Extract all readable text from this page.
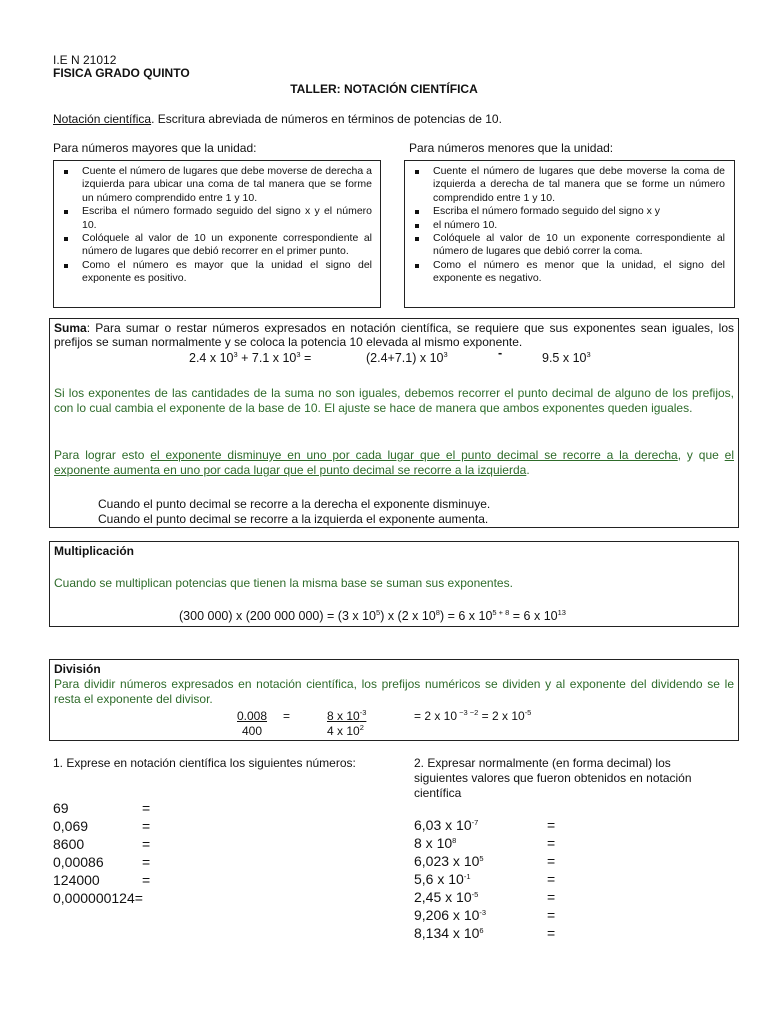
I.E N 21012
FISICA GRADO QUINTO
TALLER: NOTACIÓN CIENTÍFICA
Notación científica. Escritura abreviada de números en términos de potencias de 10.
Para números mayores que la unidad:	Para números menores que la unidad:
Cuente el número de lugares que debe moverse de derecha a izquierda para ubicar una coma de tal manera que se forme un número comprendido entre 1 y 10.
Escriba el número formado seguido del signo x y el número 10.
Colóquele al valor de 10 un exponente correspondiente al número de lugares que debió recorrer en el primer punto.
Como el número es mayor que la unidad el signo del exponente es positivo.
Cuente el número de lugares que debe moverse la coma de izquierda a derecha de tal manera que se forme un número comprendido entre 1 y 10.
Escriba el número formado seguido del signo x y
el número 10.
Colóquele al valor de 10 un exponente correspondiente al número de lugares que debió correr la coma.
Como el número es menor que la unidad, el signo del exponente es negativo.
Suma: Para sumar o restar números expresados en notación científica, se requiere que sus exponentes sean iguales, los prefijos se suman normalmente y se coloca la potencia 10 elevada al mismo exponente.
2.4 x $10^3 + 7.1$ x $10^3$ =	(2.4+7.1) x $10^3$	-	9.5 x $10^3$
Si los exponentes de las cantidades de la suma no son iguales, debemos recorrer el punto decimal de alguno de los prefijos, con lo cual cambia el exponente de la base de 10. El ajuste se hace de manera que ambos exponentes queden iguales.
Para lograr esto el exponente disminuye en uno por cada lugar que el punto decimal se recorre a la derecha, y que el exponente aumenta en uno por cada lugar que el punto decimal se recorre a la izquierda.
Cuando el punto decimal se recorre a la derecha el exponente disminuye.
Cuando el punto decimal se recorre a la izquierda el exponente aumenta.
Multiplicación
Cuando se multiplican potencias que tienen la misma base se suman sus exponentes.
(300 000) x (200 000 000) = (3 x $10^5$) x (2 x $10^8) = 6$ x $10^{5 + 8} = 6$ x $10^{13}$
División
Para dividir números expresados en notación científica, los prefijos numéricos se dividen y al exponente del dividendo se le resta el exponente del divisor.
0.008 =	8 x $10^{-3}$	= 2 x 10 $^{-3 -2}$ = 2 x $10^{-5}$
400	4 x $10^2$
1. Exprese en notación científica los siguientes números:
69	=
0,069	=
8600	=
0,00086	=
124000	=
0,000000124=
2. Expresar normalmente (en forma decimal) los siguientes valores que fueron obtenidos en notación científica
6,03 x $10^{-7}$	=
8 x $10^8$	=
6,023 x $10^5$	=
5,6 x $10^{-1}$	=
2,45 x $10^{-5}$	=
9,206 x $10^{-3}$	=
8,134 x $10^6$	=
